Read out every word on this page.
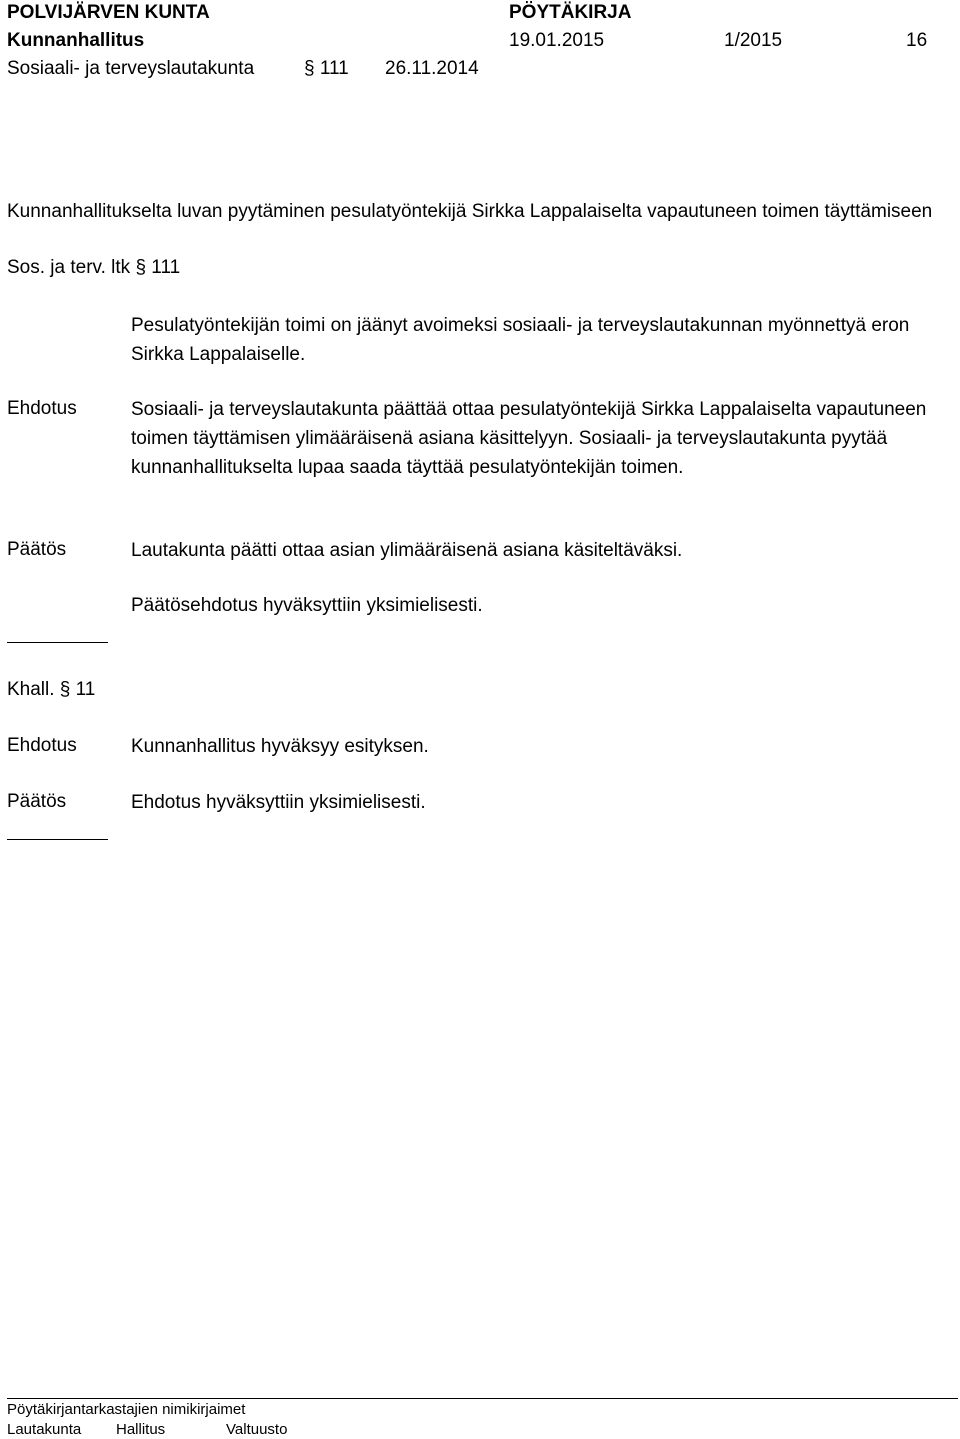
POLVIJÄRVEN KUNTA	PÖYTÄKIRJA
Kunnanhallitus	19.01.2015	1/2015	16
Sosiaali- ja terveyslautakunta	§ 111 26.11.2014
Kunnanhallitukselta luvan pyytäminen pesulatyöntekijä Sirkka Lappalaiselta vapautuneen toimen täyttämiseen
Sos. ja terv. ltk § 111
Pesulatyöntekijän toimi on jäänyt avoimeksi sosiaali- ja terveyslautakunnan myönnettyä eron Sirkka Lappalaiselle.
Ehdotus	Sosiaali- ja terveyslautakunta päättää ottaa pesulatyöntekijä Sirkka Lappalaiselta vapautuneen toimen täyttämisen ylimääräisenä asiana käsittelyyn. Sosiaali- ja terveyslautakunta pyytää kunnanhallitukselta lupaa saada täyttää pesulatyöntekijän toimen.
Päätös	Lautakunta päätti ottaa asian ylimääräisenä asiana käsiteltäväksi.
Päätösehdotus hyväksyttiin yksimielisesti.
Khall. § 11
Ehdotus	Kunnanhallitus hyväksyy esityksen.
Päätös	Ehdotus hyväksyttiin yksimielisesti.
Pöytäkirjantarkastajien nimikirjaimet
Lautakunta Hallitus	Valtuusto
